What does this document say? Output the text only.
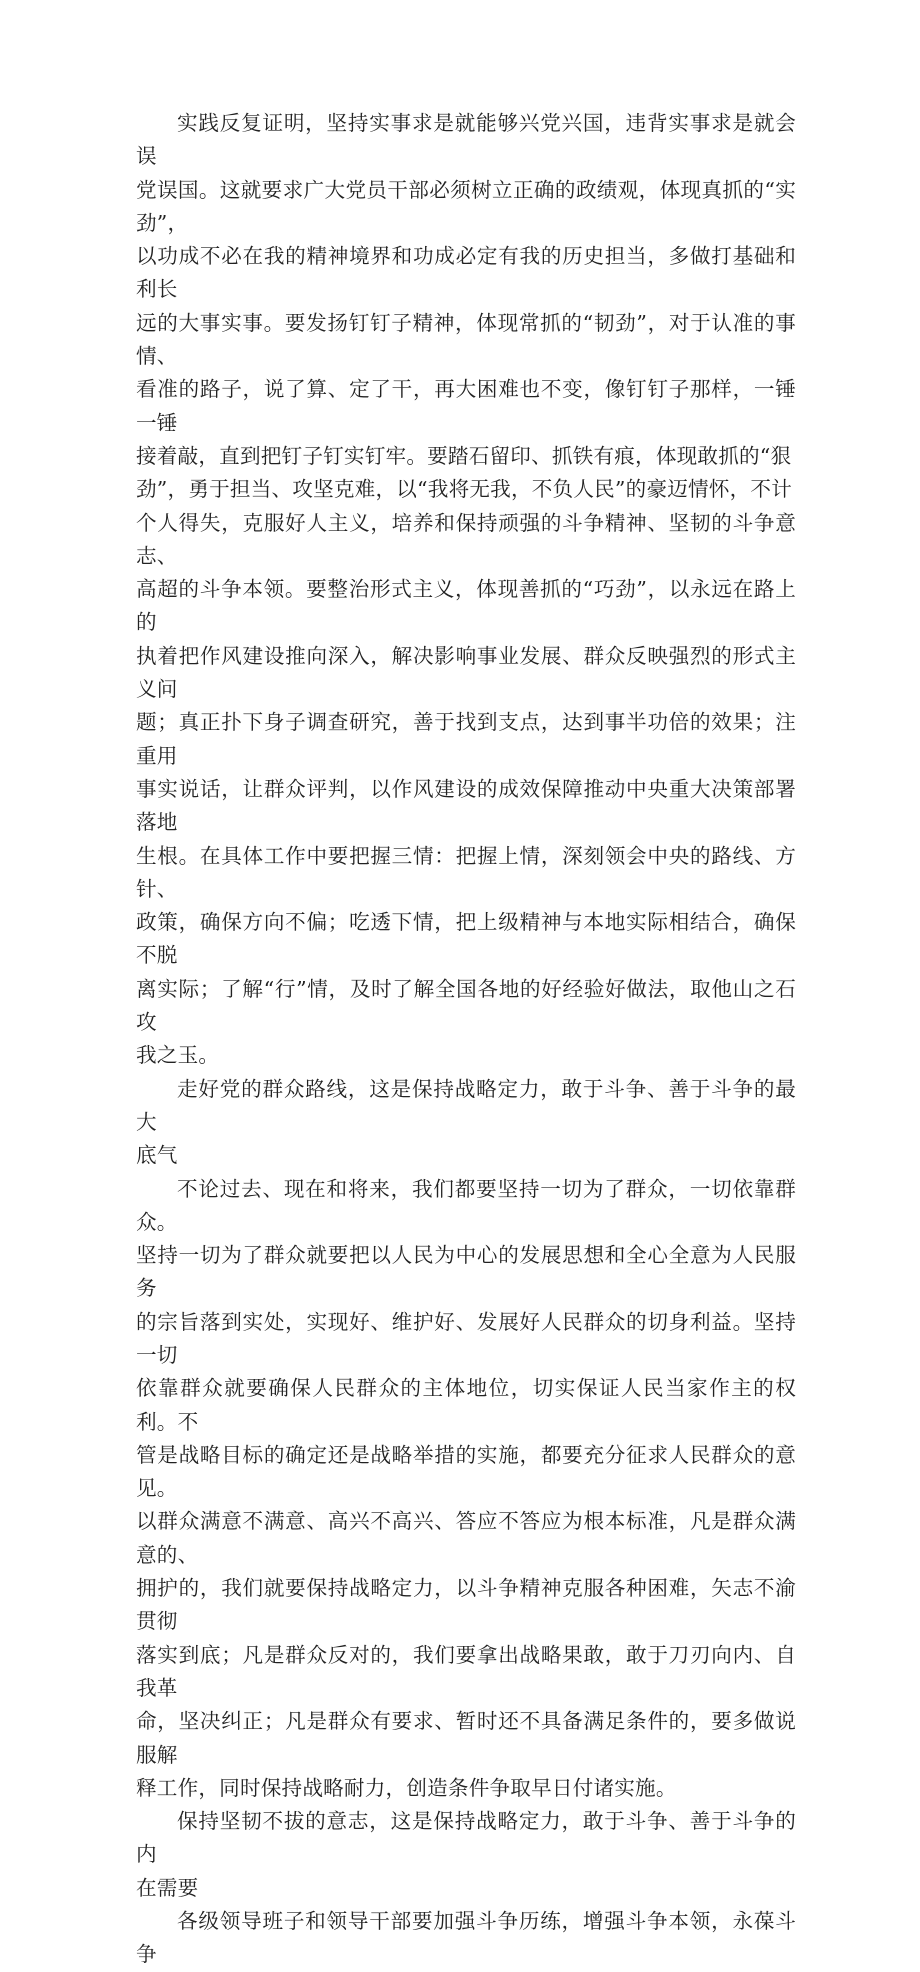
实践反复证明，坚持实事求是就能够兴党兴国，违背实事求是就会误
党误国。这就要求广大党员干部必须树立正确的政绩观，体现真抓的“实劲”，
以功成不必在我的精神境界和功成必定有我的历史担当，多做打基础和利长
远的大事实事。要发扬钉钉子精神，体现常抓的“韧劲”，对于认准的事情、
看准的路子，说了算、定了干，再大困难也不变，像钉钉子那样，一锤一锤
接着敲，直到把钉子钉实钉牢。要踏石留印、抓铁有痕，体现敢抓的“狠
劲”，勇于担当、攻坚克难，以“我将无我，不负人民”的豪迈情怀，不计
个人得失，克服好人主义，培养和保持顽强的斗争精神、坚韧的斗争意志、
高超的斗争本领。要整治形式主义，体现善抓的“巧劲”，以永远在路上的
执着把作风建设推向深入，解决影响事业发展、群众反映强烈的形式主义问
题；真正扑下身子调查研究，善于找到支点，达到事半功倍的效果；注重用
事实说话，让群众评判，以作风建设的成效保障推动中央重大决策部署落地
生根。在具体工作中要把握三情：把握上情，深刻领会中央的路线、方针、
政策，确保方向不偏；吃透下情，把上级精神与本地实际相结合，确保不脱
离实际；了解“行”情，及时了解全国各地的好经验好做法，取他山之石攻
我之玉。

走好党的群众路线，这是保持战略定力，敢于斗争、善于斗争的最大
底气

不论过去、现在和将来，我们都要坚持一切为了群众，一切依靠群众。
坚持一切为了群众就要把以人民为中心的发展思想和全心全意为人民服务
的宗旨落到实处，实现好、维护好、发展好人民群众的切身利益。坚持一切
依靠群众就要确保人民群众的主体地位，切实保证人民当家作主的权利。不
管是战略目标的确定还是战略举措的实施，都要充分征求人民群众的意见。
以群众满意不满意、高兴不高兴、答应不答应为根本标准，凡是群众满意的、
拥护的，我们就要保持战略定力，以斗争精神克服各种困难，矢志不渝贯彻
落实到底；凡是群众反对的，我们要拿出战略果敢，敢于刀刃向内、自我革
命，坚决纠正；凡是群众有要求、暂时还不具备满足条件的，要多做说服解
释工作，同时保持战略耐力，创造条件争取早日付诸实施。

保持坚韧不拔的意志，这是保持战略定力，敢于斗争、善于斗争的内
在需要

各级领导班子和领导干部要加强斗争历练，增强斗争本领，永葆斗争
